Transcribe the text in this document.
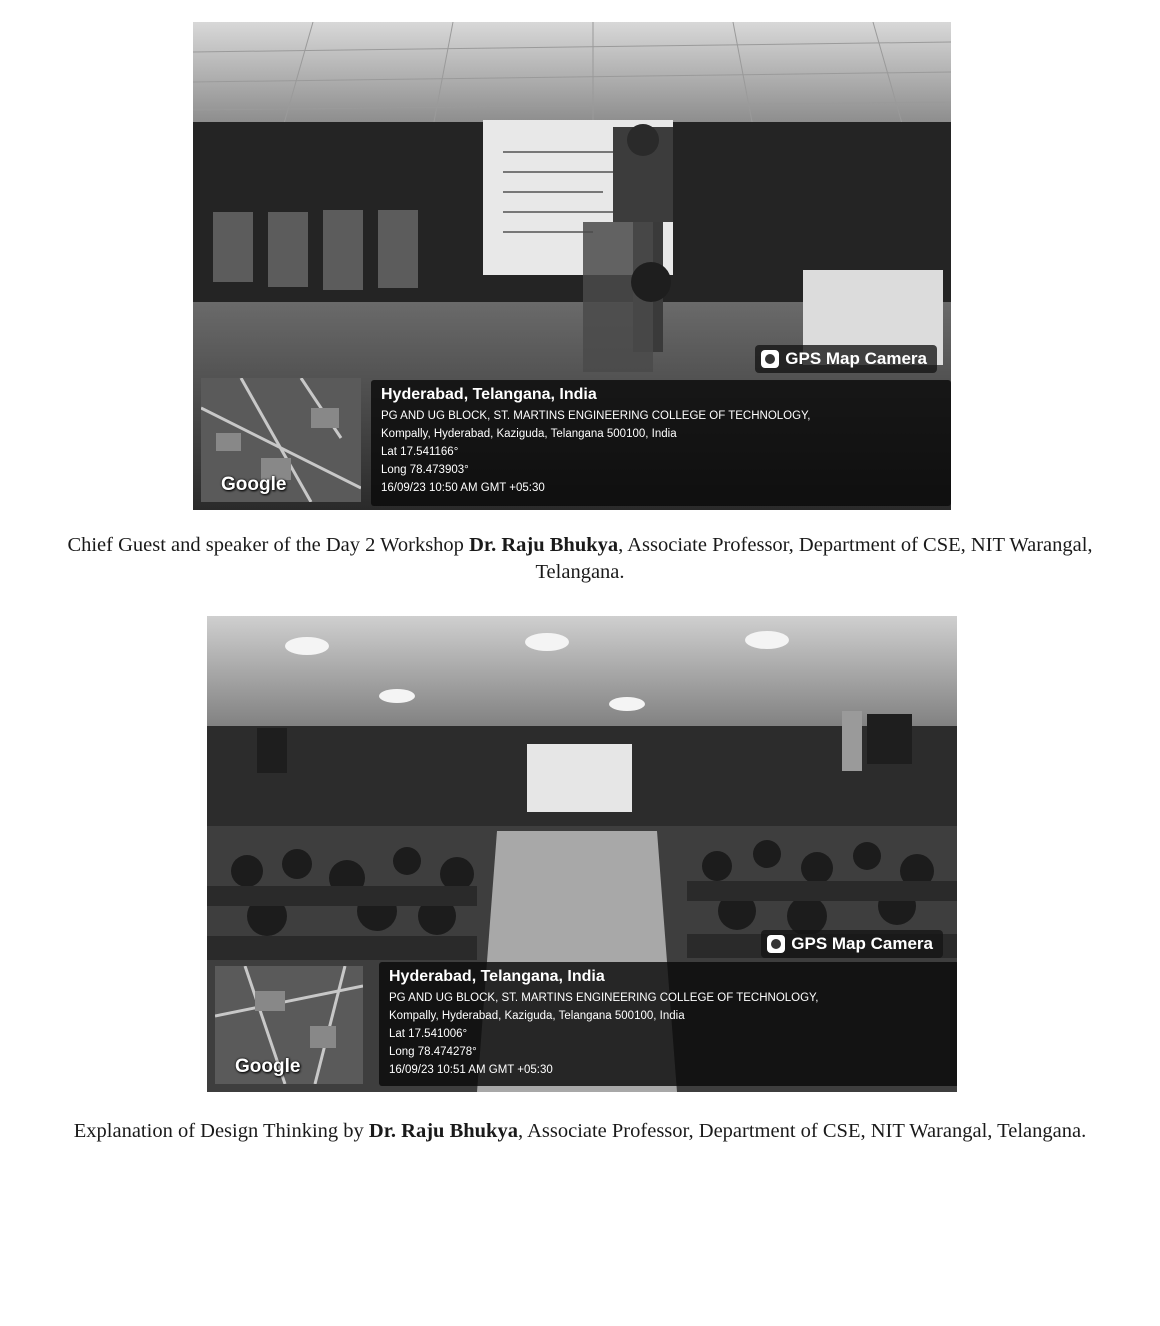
Google
GPS Map Camera
Hyderabad, Telangana, India
PG AND UG BLOCK, ST. MARTINS ENGINEERING COLLEGE OF TECHNOLOGY,
Kompally, Hyderabad, Kaziguda, Telangana 500100, India
Lat 17.541166°
Long 78.473903°
16/09/23 10:50 AM GMT +05:30

Chief Guest and speaker of the Day 2 Workshop Dr. Raju Bhukya, Associate Professor, Department of CSE, NIT Warangal, Telangana.

Google
GPS Map Camera
Hyderabad, Telangana, India
PG AND UG BLOCK, ST. MARTINS ENGINEERING COLLEGE OF TECHNOLOGY,
Kompally, Hyderabad, Kaziguda, Telangana 500100, India
Lat 17.541006°
Long 78.474278°
16/09/23 10:51 AM GMT +05:30

Explanation of Design Thinking by Dr. Raju Bhukya, Associate Professor, Department of CSE, NIT Warangal, Telangana.
